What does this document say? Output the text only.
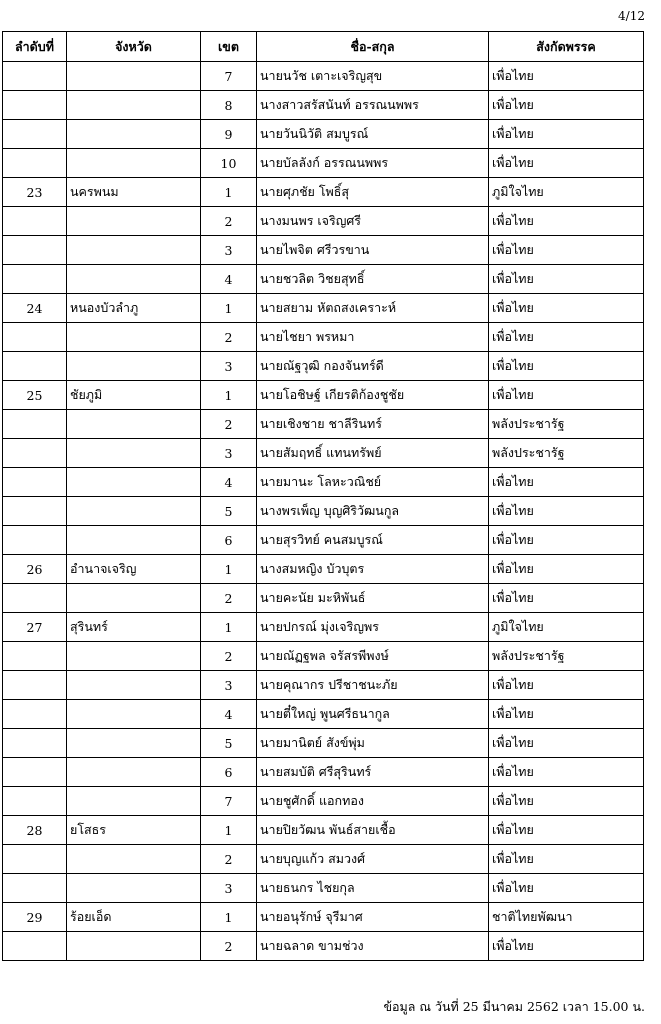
4/12
ลำดับที่	จังหวัด	เขต	ชื่อ-สกุล	สังกัดพรรค
		7	นายนวัช เตาะเจริญสุข	เพื่อไทย
		8	นางสาวสรัสนันท์ อรรณนพพร	เพื่อไทย
		9	นายวันนิวัติ สมบูรณ์	เพื่อไทย
		10	นายบัลลังก์ อรรณนพพร	เพื่อไทย
23	นครพนม	1	นายศุภชัย โพธิ์สุ	ภูมิใจไทย
		2	นางมนพร เจริญศรี	เพื่อไทย
		3	นายไพจิต ศรีวรขาน	เพื่อไทย
		4	นายชวลิต วิชยสุทธิ์	เพื่อไทย
24	หนองบัวลำภู	1	นายสยาม หัตถสงเคราะห์	เพื่อไทย
		2	นายไชยา พรหมา	เพื่อไทย
		3	นายณัฐวุฒิ กองจันทร์ดี	เพื่อไทย
25	ชัยภูมิ	1	นายโอชิษฐ์ เกียรติก้องชูชัย	เพื่อไทย
		2	นายเชิงชาย ชาลีรินทร์	พลังประชารัฐ
		3	นายสัมฤทธิ์ แทนทรัพย์	พลังประชารัฐ
		4	นายมานะ โลหะวณิชย์	เพื่อไทย
		5	นางพรเพ็ญ บุญศิริวัฒนกูล	เพื่อไทย
		6	นายสุรวิทย์ คนสมบูรณ์	เพื่อไทย
26	อำนาจเจริญ	1	นางสมหญิง บัวบุตร	เพื่อไทย
		2	นายคะนัย มะหิพันธ์	เพื่อไทย
27	สุรินทร์	1	นายปกรณ์ มุ่งเจริญพร	ภูมิใจไทย
		2	นายณัฏฐพล จรัสรพีพงษ์	พลังประชารัฐ
		3	นายคุณากร ปรีชาชนะภัย	เพื่อไทย
		4	นายตี๋ใหญ่ พูนศรีธนากูล	เพื่อไทย
		5	นายมานิตย์ สังข์พุ่ม	เพื่อไทย
		6	นายสมบัติ ศรีสุรินทร์	เพื่อไทย
		7	นายชูศักดิ์ แอกทอง	เพื่อไทย
28	ยโสธร	1	นายปิยวัฒน พันธ์สายเชื้อ	เพื่อไทย
		2	นายบุญแก้ว สมวงศ์	เพื่อไทย
		3	นายธนกร ไชยกุล	เพื่อไทย
29	ร้อยเอ็ด	1	นายอนุรักษ์ จุรีมาศ	ชาติไทยพัฒนา
		2	นายฉลาด ขามช่วง	เพื่อไทย
ข้อมูล ณ วันที่ 25 มีนาคม 2562 เวลา 15.00 น.
